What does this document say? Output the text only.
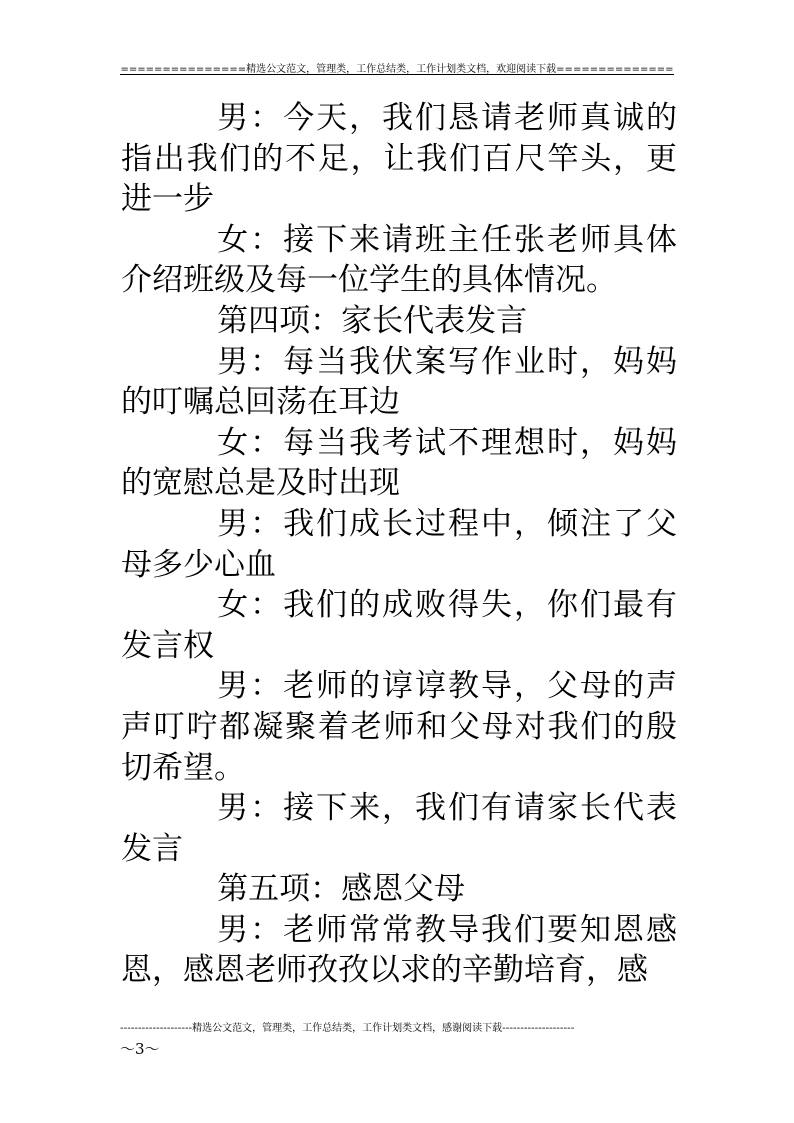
===============精选公文范文，管理类，工作总结类，工作计划类文档，欢迎阅读下载==============

男：今天，我们恳请老师真诚的指出我们的不足，让我们百尺竿头，更进一步

女：接下来请班主任张老师具体介绍班级及每一位学生的具体情况。

第四项：家长代表发言

男：每当我伏案写作业时，妈妈的叮嘱总回荡在耳边

女：每当我考试不理想时，妈妈的宽慰总是及时出现

男：我们成长过程中，倾注了父母多少心血

女：我们的成败得失，你们最有发言权

男：老师的谆谆教导，父母的声声叮咛都凝聚着老师和父母对我们的殷切希望。

男：接下来，我们有请家长代表发言

第五项：感恩父母

男：老师常常教导我们要知恩感恩，感恩老师孜孜以求的辛勤培育，感

--------------------精选公文范文，管理类，工作总结类，工作计划类文档，感谢阅读下载--------------------
～3～
